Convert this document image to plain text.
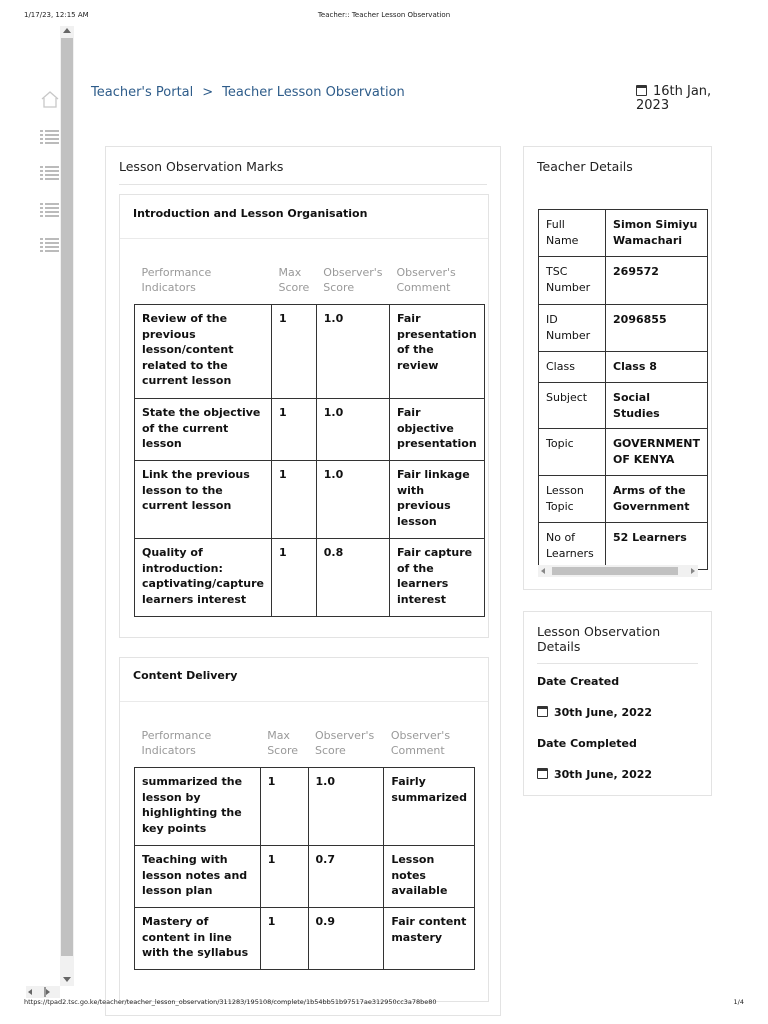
1/17/23, 12:15 AM	Teacher:: Teacher Lesson Observation
Teacher's Portal > Teacher Lesson Observation	16th Jan, 2023
Lesson Observation Marks
Introduction and Lesson Organisation
Performance Indicators	Max Score	Observer's Score	Observer's Comment
Review of the previous lesson/content related to the current lesson	1	1.0	Fair presentation of the review
State the objective of the current lesson	1	1.0	Fair objective presentation
Link the previous lesson to the current lesson	1	1.0	Fair linkage with previous lesson
Quality of introduction: captivating/capture learners interest	1	0.8	Fair capture of the learners interest
Content Delivery
Performance Indicators	Max Score	Observer's Score	Observer's Comment
summarized the lesson by highlighting the key points	1	1.0	Fairly summarized
Teaching with lesson notes and lesson plan	1	0.7	Lesson notes available
Mastery of content in line with the syllabus	1	0.9	Fair content mastery
Teacher Details
Full Name	Simon Simiyu Wamachari
TSC Number	269572
ID Number	2096855
Class	Class 8
Subject	Social Studies
Topic	GOVERNMENT OF KENYA
Lesson Topic	Arms of the Government
No of Learners	52 Learners
Lesson Observation Details
Date Created
30th June, 2022
Date Completed
30th June, 2022
https://tpad2.tsc.go.ke/teacher/teacher_lesson_observation/311283/195108/complete/1b54bb51b97517ae312950cc3a78be80	1/4
